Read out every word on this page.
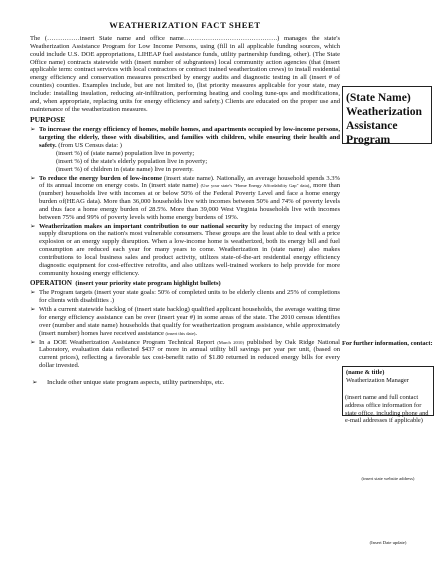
WEATHERIZATION FACT SHEET

The (……………insert State name and office name…………………………………….) manages the state's Weatherization Assistance Program for Low Income Persons, using (fill in all applicable funding sources, which could include U.S. DOE appropriations, LIHEAP fuel assistance funds, utility partnership funding, other). (The State Office name) contracts statewide with (insert number of subgrantees) local community action agencies (that (insert applicable term: contract services with local contractors or contract trained weatherization crews) to install residential energy efficiency and conservation measures prescribed by energy audits and diagnostic testing in all (insert # of counties) counties. Examples include, but are not limited to, (list priority measures applicable for your state, may include: installing insulation, reducing air-infiltration, performing heating and cooling tune-ups and modifications, and, when appropriate, replacing units for energy efficiency and safety.) Clients are educated on the proper use and maintenance of the weatherization measures.

PURPOSE
➢ To increase the energy efficiency of homes, mobile homes, and apartments occupied by low-income persons, targeting the elderly, those with disabilities, and families with children, while ensuring their health and safety. (from US Census data: )
(insert %) of (state name) population live in poverty;
(insert %) of the state's elderly population live in poverty;
(insert %) of children in (state name) live in poverty.
➢ To reduce the energy burden of low-income (insert state name). Nationally, an average household spends 3.3% of its annual income on energy costs. In (insert state name) (Use your state's "Home Energy Affordability Gap" data), more than (number) households live with incomes at or below 50% of the Federal Poverty Level and face a home energy burden of(HEAG data). More than 36,000 households live with incomes between 50% and 74% of poverty levels and thus face a home energy burden of 28.5%. More than 39,000 West Virginia households live with incomes between 75% and 99% of poverty levels with home energy burdens of 19%.
➢ Weatherization makes an important contribution to our national security by reducing the impact of energy supply disruptions on the nation's most vulnerable consumers. These groups are the least able to deal with a price explosion or an energy supply disruption. When a low-income home is weatherized, both its energy bill and fuel consumption are reduced each year for many years to come. Weatherization in (state name) also makes contributions to local business sales and product activity, utilizes state-of-the-art residential energy efficiency diagnostic equipment for cost-effective retrofits, and also utilizes well-trained workers to help provide for more community housing energy efficiency.
OPERATION (insert your priority state program highlight bullets)
➢ The Program targets (insert your state goals: 50% of completed units to be elderly clients and 25% of completions for clients with disabilities .)
➢ With a current statewide backlog of (insert state backlog) qualified applicant households, the average waiting time for energy efficiency assistance can be over (insert year #) in some areas of the state. The 2010 census identifies over (number and state name) households that qualify for weatherization program assistance, while approximately (insert number) homes have received assistance (insert this date).
➢ In a DOE Weatherization Assistance Program Technical Report (March 2010) published by Oak Ridge National Laboratory, evaluation data reflected $437 or more in annual utility bill savings per year per unit, (based on current prices), reflecting a favorable tax cost-benefit ratio of $1.80 returned in reduced energy bills for every dollar invested.
➢	Include other unique state program aspects, utility partnerships, etc.
(State Name) Weatherization Assistance Program
For further information, contact:
(name & title)
Weatherization Manager
(insert name and full contact address office information for state office, including phone and e-mail addresses if applicable)
(insert state website address)
(Insert Date update)
